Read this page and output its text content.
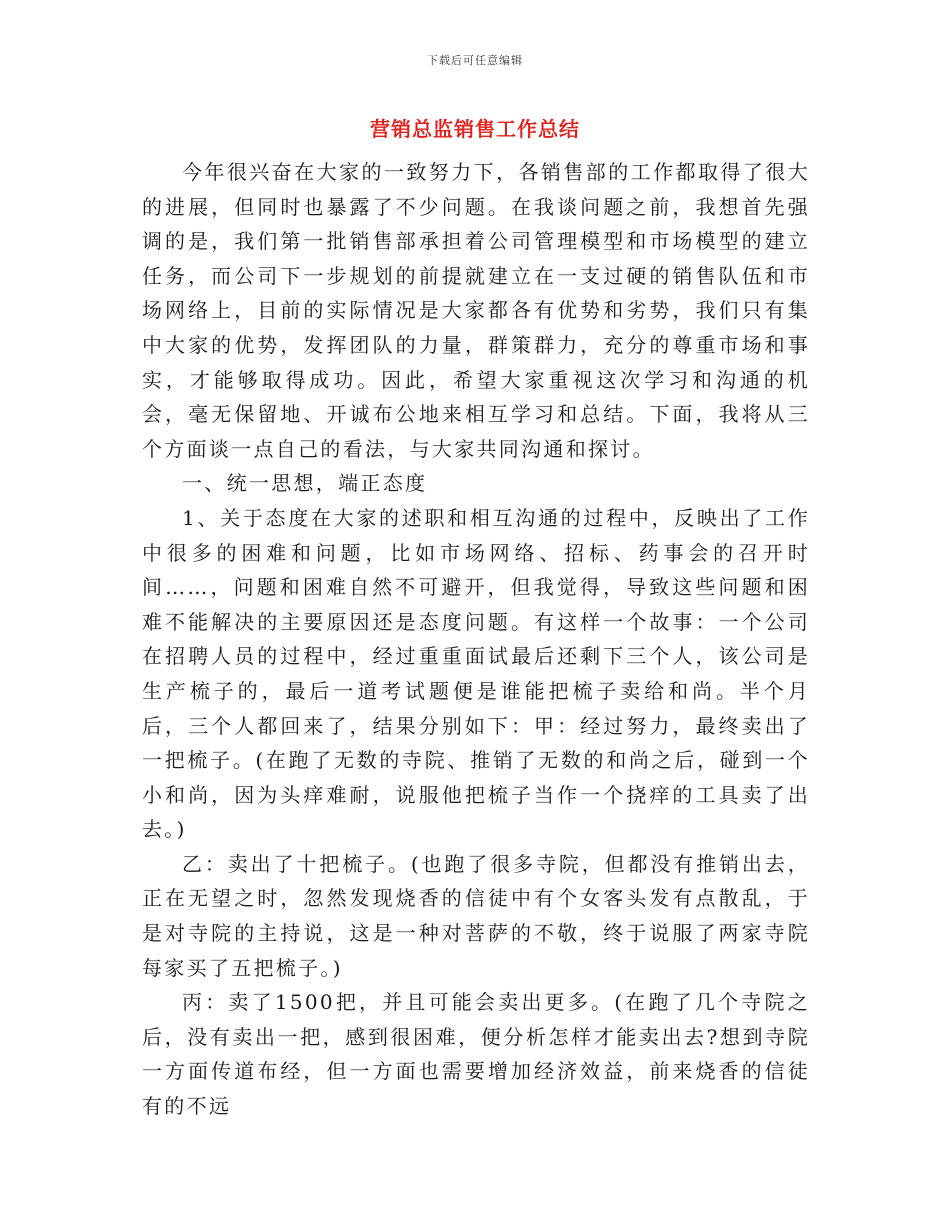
下载后可任意编辑
营销总监销售工作总结

今年很兴奋在大家的一致努力下，各销售部的工作都取得了很大的进展，但同时也暴露了不少问题。在我谈问题之前，我想首先强调的是，我们第一批销售部承担着公司管理模型和市场模型的建立任务，而公司下一步规划的前提就建立在一支过硬的销售队伍和市场网络上，目前的实际情况是大家都各有优势和劣势，我们只有集中大家的优势，发挥团队的力量，群策群力，充分的尊重市场和事实，才能够取得成功。因此，希望大家重视这次学习和沟通的机会，毫无保留地、开诚布公地来相互学习和总结。下面，我将从三个方面谈一点自己的看法，与大家共同沟通和探讨。

一、统一思想，端正态度

1、关于态度在大家的述职和相互沟通的过程中，反映出了工作中很多的困难和问题，比如市场网络、招标、药事会的召开时间……，问题和困难自然不可避开，但我觉得，导致这些问题和困难不能解决的主要原因还是态度问题。有这样一个故事：一个公司在招聘人员的过程中，经过重重面试最后还剩下三个人，该公司是生产梳子的，最后一道考试题便是谁能把梳子卖给和尚。半个月后，三个人都回来了，结果分别如下：甲：经过努力，最终卖出了一把梳子。(在跑了无数的寺院、推销了无数的和尚之后，碰到一个小和尚，因为头痒难耐，说服他把梳子当作一个挠痒的工具卖了出去。)

乙：卖出了十把梳子。(也跑了很多寺院，但都没有推销出去，正在无望之时，忽然发现烧香的信徒中有个女客头发有点散乱，于是对寺院的主持说，这是一种对菩萨的不敬，终于说服了两家寺院每家买了五把梳子。)

丙：卖了1500把，并且可能会卖出更多。(在跑了几个寺院之后，没有卖出一把，感到很困难，便分析怎样才能卖出去?想到寺院一方面传道布经，但一方面也需要增加经济效益，前来烧香的信徒有的不远
